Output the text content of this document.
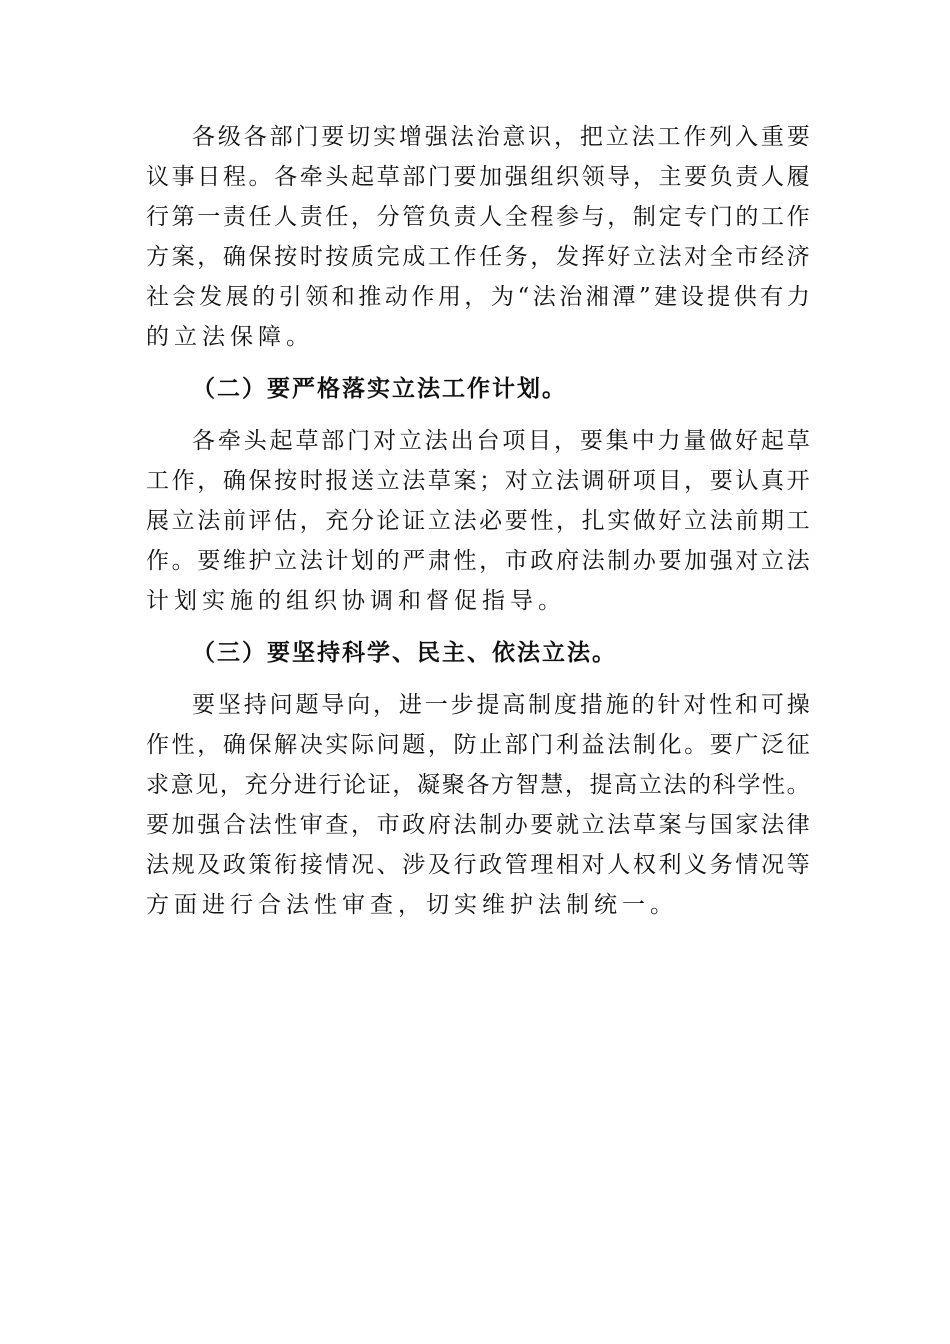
各 级 各 部 门 要 切 实 增 强 法 治 意 识 ， 把 立 法 工 作 列 入 重 要
议 事 日 程 。 各 牵 头 起 草 部 门 要 加 强 组 织 领 导 ， 主 要 负 责 人 履
行 第 一 责 任 人 责 任 ， 分 管 负 责 人 全 程 参 与 ， 制 定 专 门 的 工 作
方 案 ， 确 保 按 时 按 质 完 成 工 作 任 务 ， 发 挥 好 立 法 对 全 市 经 济
社 会 发 展 的 引 领 和 推 动 作 用 ， 为 “ 法 治 湘 潭 ” 建 设 提 供 有 力
的立法保障。
（二）要严格落实立法工作计划。
各 牵 头 起 草 部 门 对 立 法 出 台 项 目 ， 要 集 中 力 量 做 好 起 草
工 作 ， 确 保 按 时 报 送 立 法 草 案 ； 对 立 法 调 研 项 目 ， 要 认 真 开
展 立 法 前 评 估 ， 充 分 论 证 立 法 必 要 性 ， 扎 实 做 好 立 法 前 期 工
作 。 要 维 护 立 法 计 划 的 严 肃 性 ， 市 政 府 法 制 办 要 加 强 对 立 法
计划实施的组织协调和督促指导。
（三）要坚持科学、民主、依法立法。
要 坚 持 问 题 导 向 ， 进 一 步 提 高 制 度 措 施 的 针 对 性 和 可 操
作 性 ， 确 保 解 决 实 际 问 题 ， 防 止 部 门 利 益 法 制 化 。 要 广 泛 征
求 意 见 ， 充 分 进 行 论 证 ， 凝 聚 各 方 智 慧 ， 提 高 立 法 的 科 学 性 。
要 加 强 合 法 性 审 查 ， 市 政 府 法 制 办 要 就 立 法 草 案 与 国 家 法 律
法 规 及 政 策 衔 接 情 况 、 涉 及 行 政 管 理 相 对 人 权 利 义 务 情 况 等
方面进行合法性审查，切实维护法制统一。
